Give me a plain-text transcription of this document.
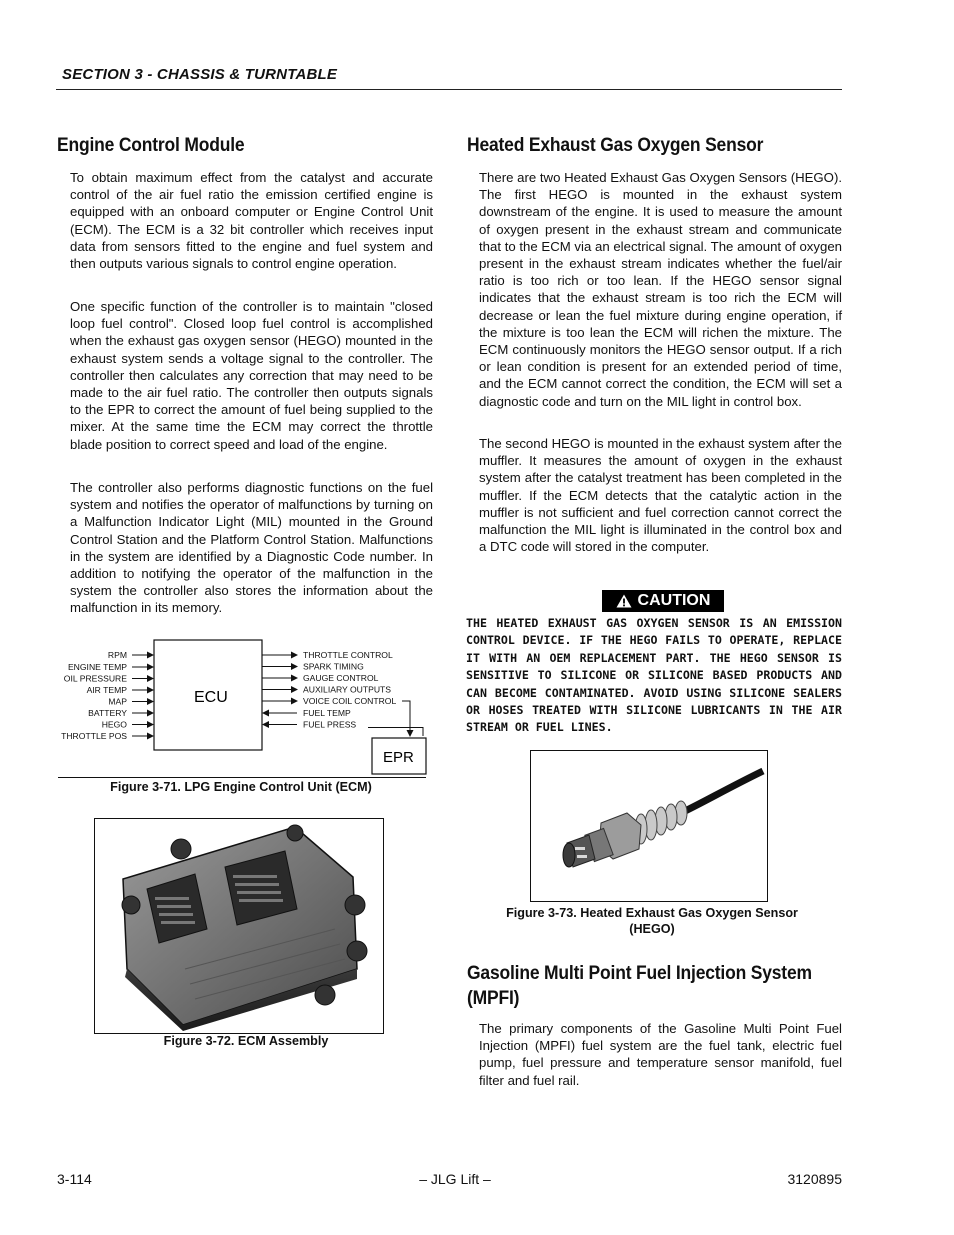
SECTION 3 - CHASSIS & TURNTABLE
Engine Control Module

To obtain maximum effect from the catalyst and accurate control of the air fuel ratio the emission certified engine is equipped with an onboard computer or Engine Control Unit (ECM). The ECM is a 32 bit controller which receives input data from sensors fitted to the engine and fuel system and then outputs various signals to control engine operation.

One specific function of the controller is to maintain "closed loop fuel control". Closed loop fuel control is accomplished when the exhaust gas oxygen sensor (HEGO) mounted in the exhaust system sends a voltage signal to the controller. The controller then calculates any correction that may need to be made to the air fuel ratio. The controller then outputs signals to the EPR to correct the amount of fuel being supplied to the mixer. At the same time the ECM may correct the throttle blade position to correct speed and load of the engine.

The controller also performs diagnostic functions on the fuel system and notifies the operator of malfunctions by turning on a Malfunction Indicator Light (MIL) mounted in the Ground Control Station and the Platform Control Station. Malfunctions in the system are identified by a Diagnostic Code number. In addition to notifying the operator of the malfunction in the system the controller also stores the information about the malfunction in its memory.

ECU
RPM
ENGINE TEMP
OIL PRESSURE
AIR TEMP
MAP
BATTERY
HEGO
THROTTLE POS
THROTTLE CONTROL
SPARK TIMING
GAUGE CONTROL
AUXILIARY OUTPUTS
VOICE COIL CONTROL
FUEL TEMP
FUEL PRESS
EPR
Figure 3-71. LPG Engine Control Unit (ECM)
Figure 3-72. ECM Assembly
Heated Exhaust Gas Oxygen Sensor

There are two Heated Exhaust Gas Oxygen Sensors (HEGO). The first HEGO is mounted in the exhaust system downstream of the engine. It is used to measure the amount of oxygen present in the exhaust stream and communicate that to the ECM via an electrical signal. The amount of oxygen present in the exhaust stream indicates whether the fuel/air ratio is too rich or too lean. If the HEGO sensor signal indicates that the exhaust stream is too rich the ECM will decrease or lean the fuel mixture during engine operation, if the mixture is too lean the ECM will richen the mixture. The ECM continuously monitors the HEGO sensor output. If a rich or lean condition is present for an extended period of time, and the ECM cannot correct the condition, the ECM will set a diagnostic code and turn on the MIL light in control box.

The second HEGO is mounted in the exhaust system after the muffler. It measures the amount of oxygen in the exhaust system after the catalyst treatment has been completed in the muffler. If the ECM detects that the catalytic action in the muffler is not sufficient and fuel correction cannot correct the malfunction the MIL light is illuminated in the control box and a DTC code will stored in the computer.

CAUTION
THE HEATED EXHAUST GAS OXYGEN SENSOR IS AN EMISSION CONTROL DEVICE. IF THE HEGO FAILS TO OPERATE, REPLACE IT WITH AN OEM REPLACEMENT PART. THE HEGO SENSOR IS SENSITIVE TO SILICONE OR SILICONE BASED PRODUCTS AND CAN BECOME CONTAMINATED. AVOID USING SILICONE SEALERS OR HOSES TREATED WITH SILICONE LUBRICANTS IN THE AIR STREAM OR FUEL LINES.
Figure 3-73. Heated Exhaust Gas Oxygen Sensor
(HEGO)
Gasoline Multi Point Fuel Injection System
(MPFI)

The primary components of the Gasoline Multi Point Fuel Injection (MPFI) fuel system are the fuel tank, electric fuel pump, fuel pressure and temperature sensor manifold, fuel filter and fuel rail.

3-114	– JLG Lift –	3120895
